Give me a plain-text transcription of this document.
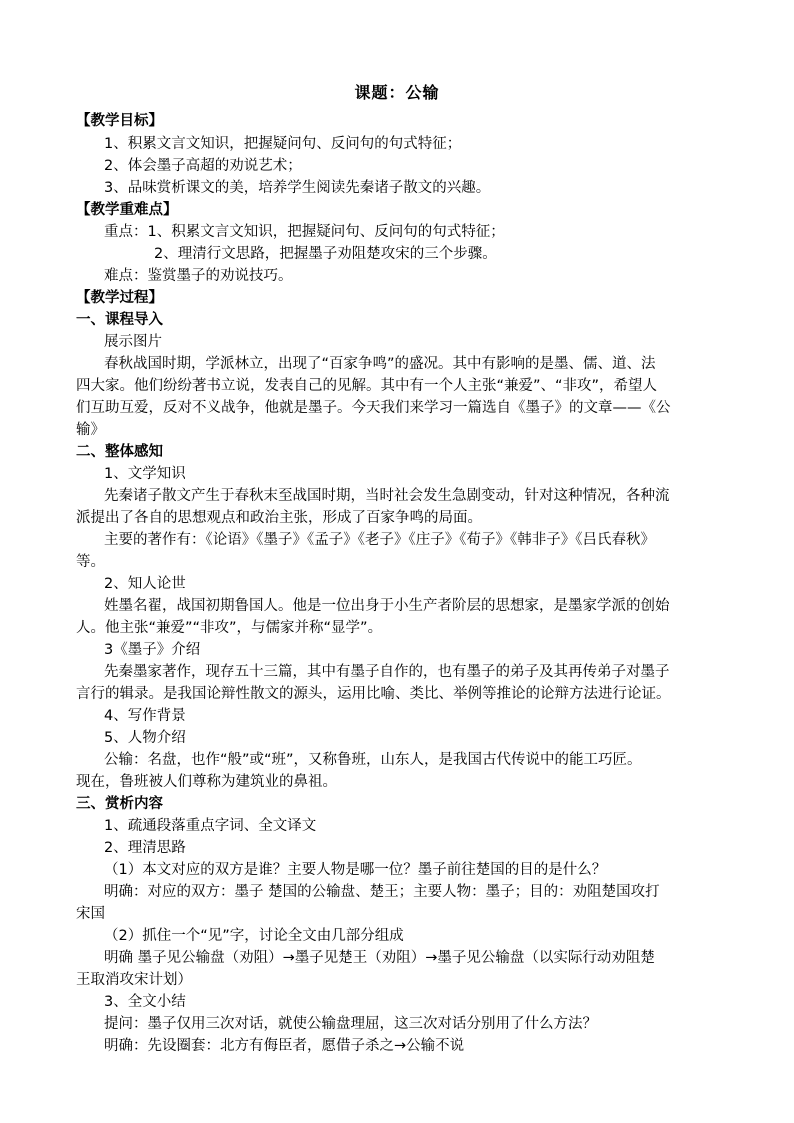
课题：公输
【教学目标】
1、积累文言文知识，把握疑问句、反问句的句式特征；
2、体会墨子高超的劝说艺术；
3、品味赏析课文的美，培养学生阅读先秦诸子散文的兴趣。
【教学重难点】
重点：1、积累文言文知识，把握疑问句、反问句的句式特征；
2、理清行文思路，把握墨子劝阻楚攻宋的三个步骤。
难点：鉴赏墨子的劝说技巧。
【教学过程】
一、课程导入
展示图片
春秋战国时期，学派林立，出现了“百家争鸣”的盛况。其中有影响的是墨、儒、道、法
四大家。他们纷纷著书立说，发表自己的见解。其中有一个人主张“兼爱”、“非攻”，希望人
们互助互爱，反对不义战争，他就是墨子。今天我们来学习一篇选自《墨子》的文章——《公
输》
二、整体感知
1、文学知识
先秦诸子散文产生于春秋末至战国时期，当时社会发生急剧变动，针对这种情况，各种流
派提出了各自的思想观点和政治主张，形成了百家争鸣的局面。
主要的著作有：《论语》《墨子》《孟子》《老子》《庄子》《荀子》《韩非子》《吕氏春秋》
等。
2、知人论世
姓墨名翟，战国初期鲁国人。他是一位出身于小生产者阶层的思想家，是墨家学派的创始
人。他主张“兼爱”“非攻”，与儒家并称“显学”。
3《墨子》介绍
先秦墨家著作，现存五十三篇，其中有墨子自作的，也有墨子的弟子及其再传弟子对墨子
言行的辑录。是我国论辩性散文的源头，运用比喻、类比、举例等推论的论辩方法进行论证。
4、写作背景
5、人物介绍
公输：名盘，也作“般”或“班”，又称鲁班，山东人，是我国古代传说中的能工巧匠。
现在，鲁班被人们尊称为建筑业的鼻祖。
三、赏析内容
1、疏通段落重点字词、全文译文
2、理清思路
（1）本文对应的双方是谁？主要人物是哪一位？墨子前往楚国的目的是什么？
明确：对应的双方：墨子 楚国的公输盘、楚王；主要人物：墨子；目的：劝阻楚国攻打
宋国
（2）抓住一个“见”字，讨论全文由几部分组成
明确 墨子见公输盘（劝阻）→墨子见楚王（劝阻）→墨子见公输盘（以实际行动劝阻楚
王取消攻宋计划）
3、全文小结
提问：墨子仅用三次对话，就使公输盘理屈，这三次对话分别用了什么方法？
明确：先设圈套：北方有侮臣者，愿借子杀之→公输不说
